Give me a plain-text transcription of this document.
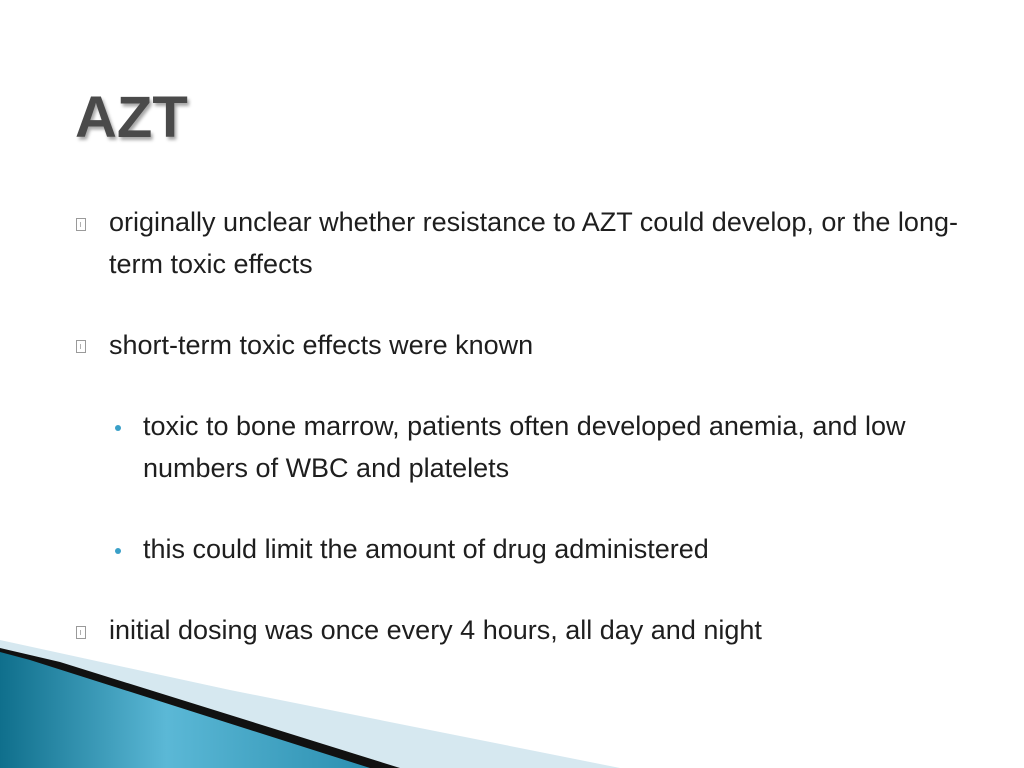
AZT
originally unclear whether resistance to AZT could develop, or the long-term toxic effects
short-term toxic effects were known
toxic to bone marrow, patients often developed anemia, and low numbers of WBC and platelets
this could limit the amount of drug administered
initial dosing was once every 4 hours, all day and night
